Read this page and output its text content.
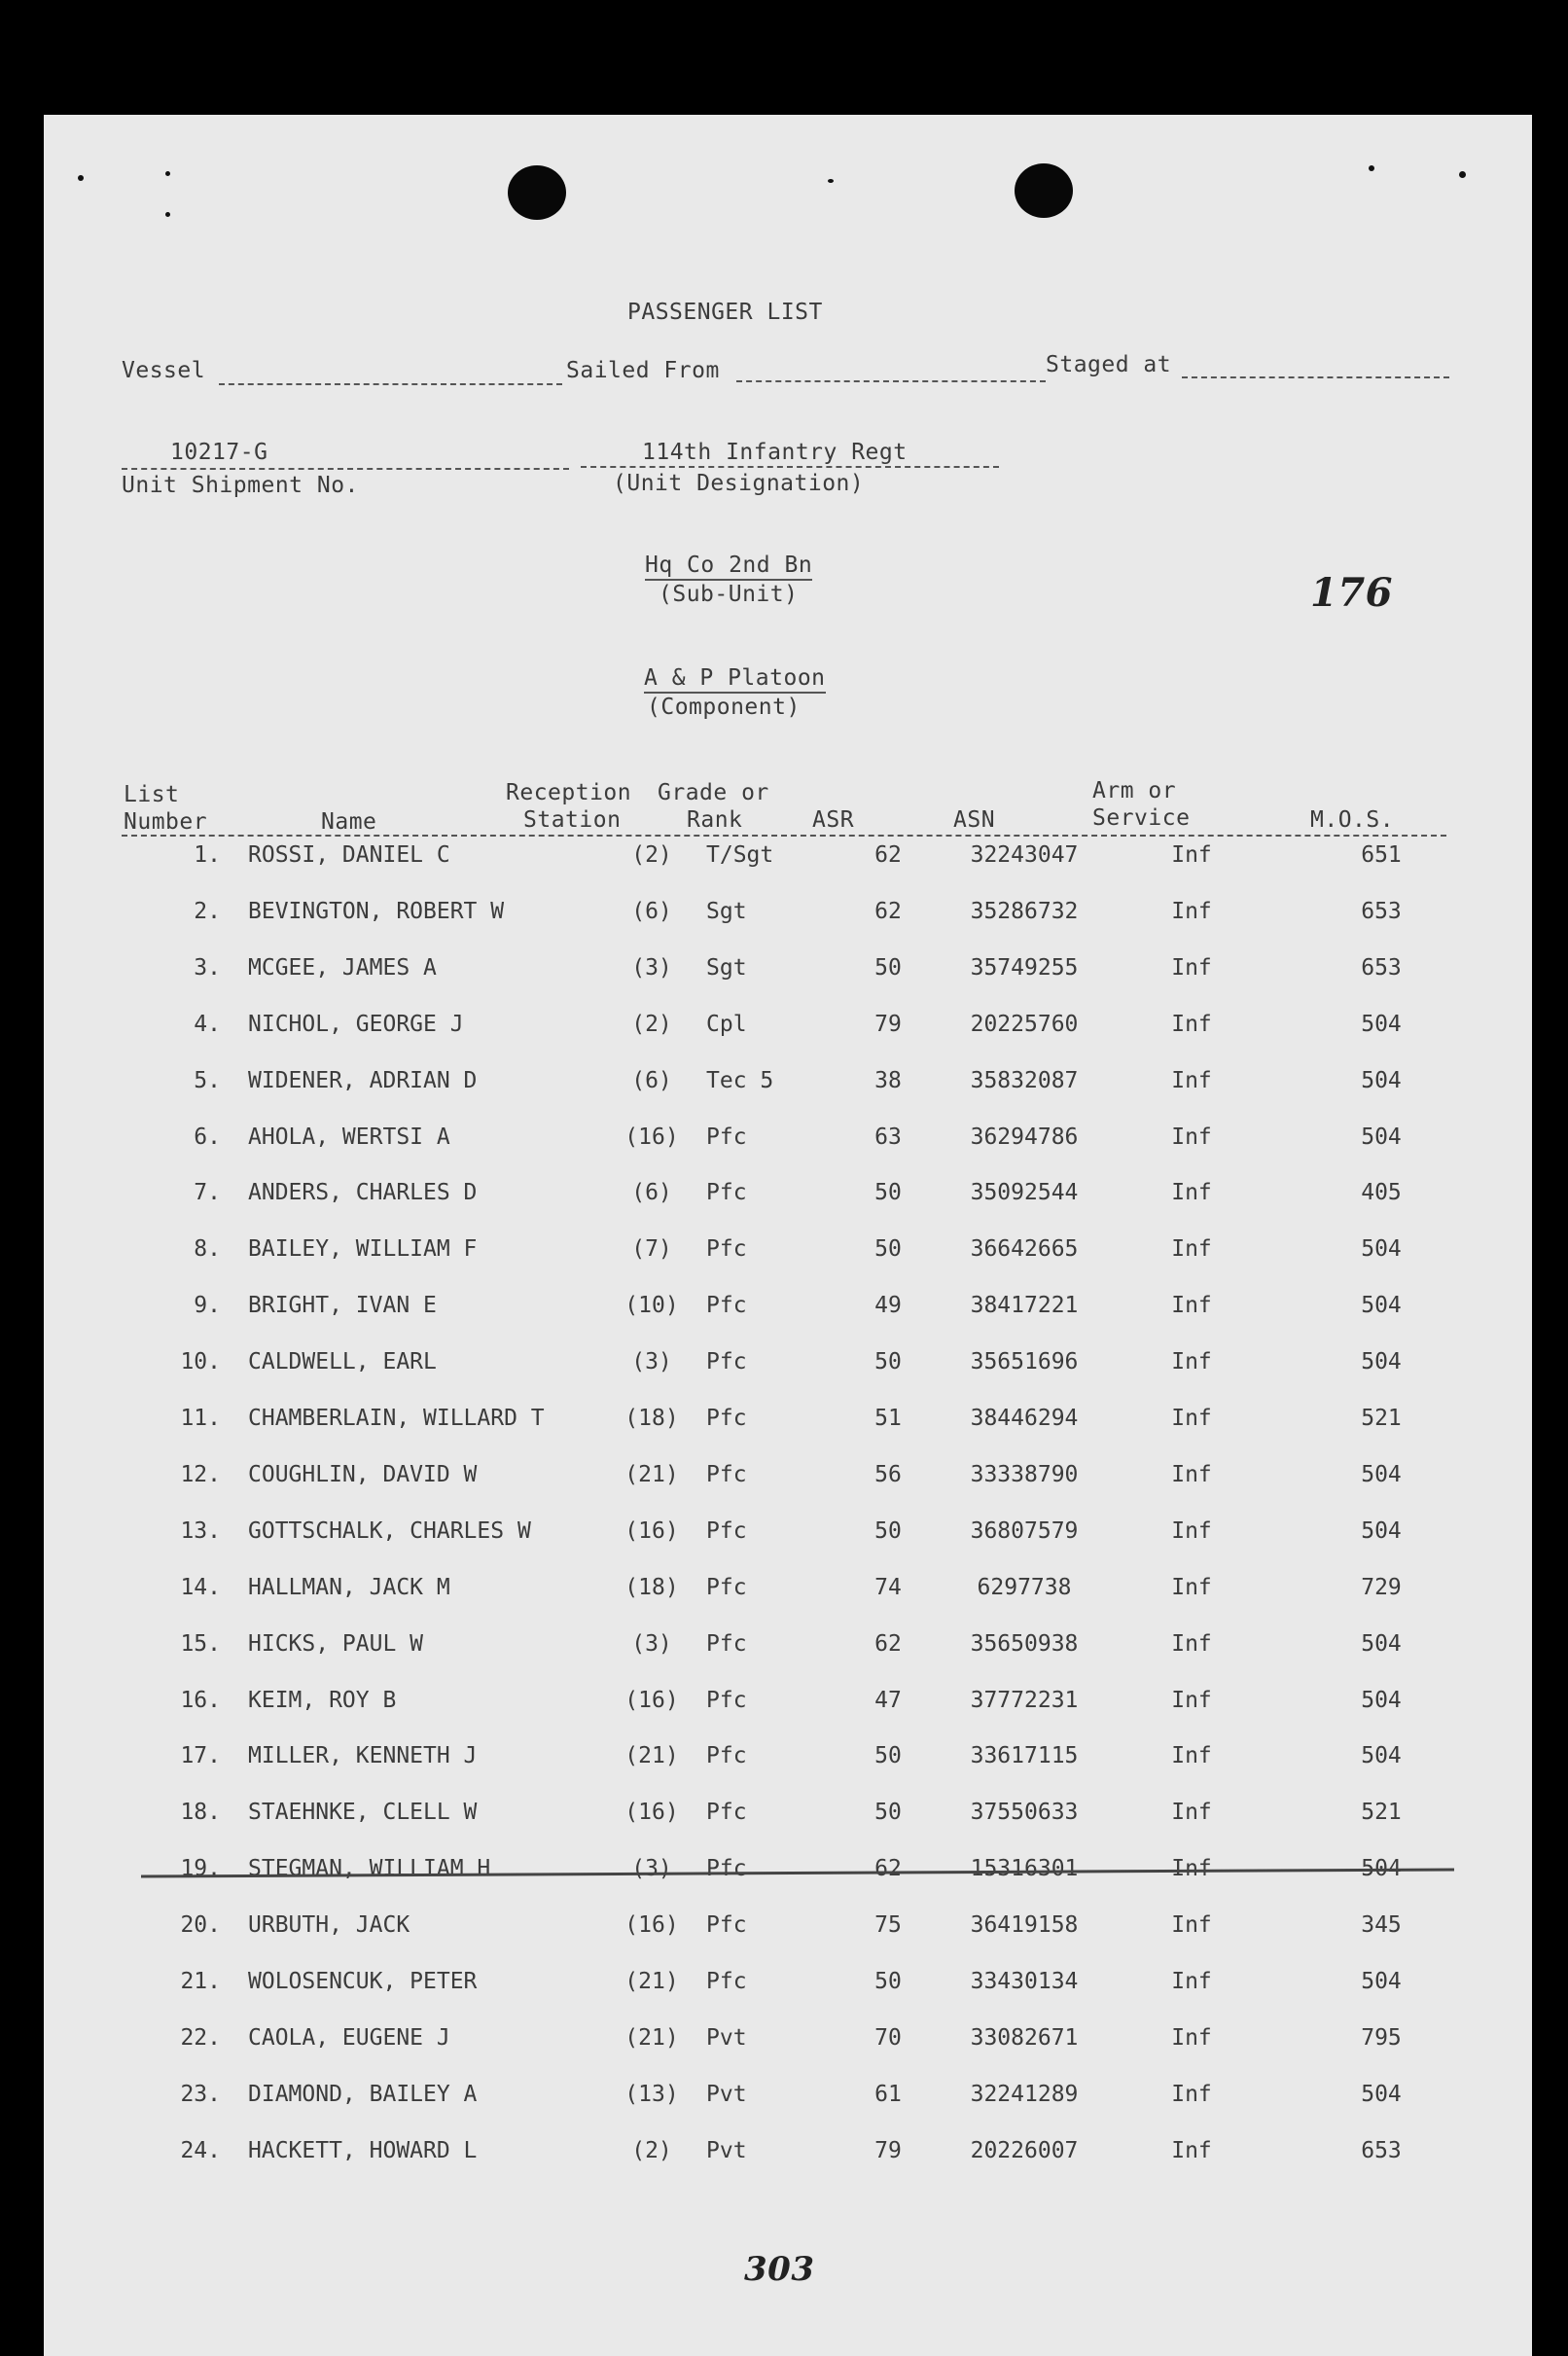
PASSENGER LIST
Vessel	Sailed From	Staged at
10217-G
Unit Shipment No.
114th Infantry Regt
(Unit Designation)
Hq Co 2nd Bn
(Sub-Unit)	176
A & P Platoon
(Component)
List
Number	Name
Reception
Station
Grade or
Rank	ASR	ASN
Arm or
Service	M.O.S.
1. ROSSI, DANIEL C	(2)	T/Sgt	62	32243047	Inf	651
2. BEVINGTON, ROBERT W	(6)	Sgt	62	35286732	Inf	653
3. MCGEE, JAMES A	(3)	Sgt	50	35749255	Inf	653
4. NICHOL, GEORGE J	(2)	Cpl	79	20225760	Inf	504
5. WIDENER, ADRIAN D	(6)	Tec 5	38	35832087	Inf	504
6. AHOLA, WERTSI A	(16)	Pfc	63	36294786	Inf	504
7. ANDERS, CHARLES D	(6)	Pfc	50	35092544	Inf	405
8. BAILEY, WILLIAM F	(7)	Pfc	50	36642665	Inf	504
9. BRIGHT, IVAN E	(10)	Pfc	49	38417221	Inf	504
10. CALDWELL, EARL	(3)	Pfc	50	35651696	Inf	504
11. CHAMBERLAIN, WILLARD T	(18)	Pfc	51	38446294	Inf	521
12. COUGHLIN, DAVID W	(21)	Pfc	56	33338790	Inf	504
13. GOTTSCHALK, CHARLES W	(16)	Pfc	50	36807579	Inf	504
14. HALLMAN, JACK M	(18)	Pfc	74	6297738	Inf	729
15. HICKS, PAUL W	(3)	Pfc	62	35650938	Inf	504
16. KEIM, ROY B	(16)	Pfc	47	37772231	Inf	504
17. MILLER, KENNETH J	(21)	Pfc	50	33617115	Inf	504
18. STAEHNKE, CLELL W	(16)	Pfc	50	37550633	Inf	521
19. STEGMAN, WILLIAM H	(3)	Pfc	62	15316301	Inf	504
20. URBUTH, JACK	(16)	Pfc	75	36419158	Inf	345
21. WOLOSENCUK, PETER	(21)	Pfc	50	33430134	Inf	504
22. CAOLA, EUGENE J	(21)	Pvt	70	33082671	Inf	795
23. DIAMOND, BAILEY A	(13)	Pvt	61	32241289	Inf	504
24. HACKETT, HOWARD L	(2)	Pvt	79	20226007	Inf	653
303
